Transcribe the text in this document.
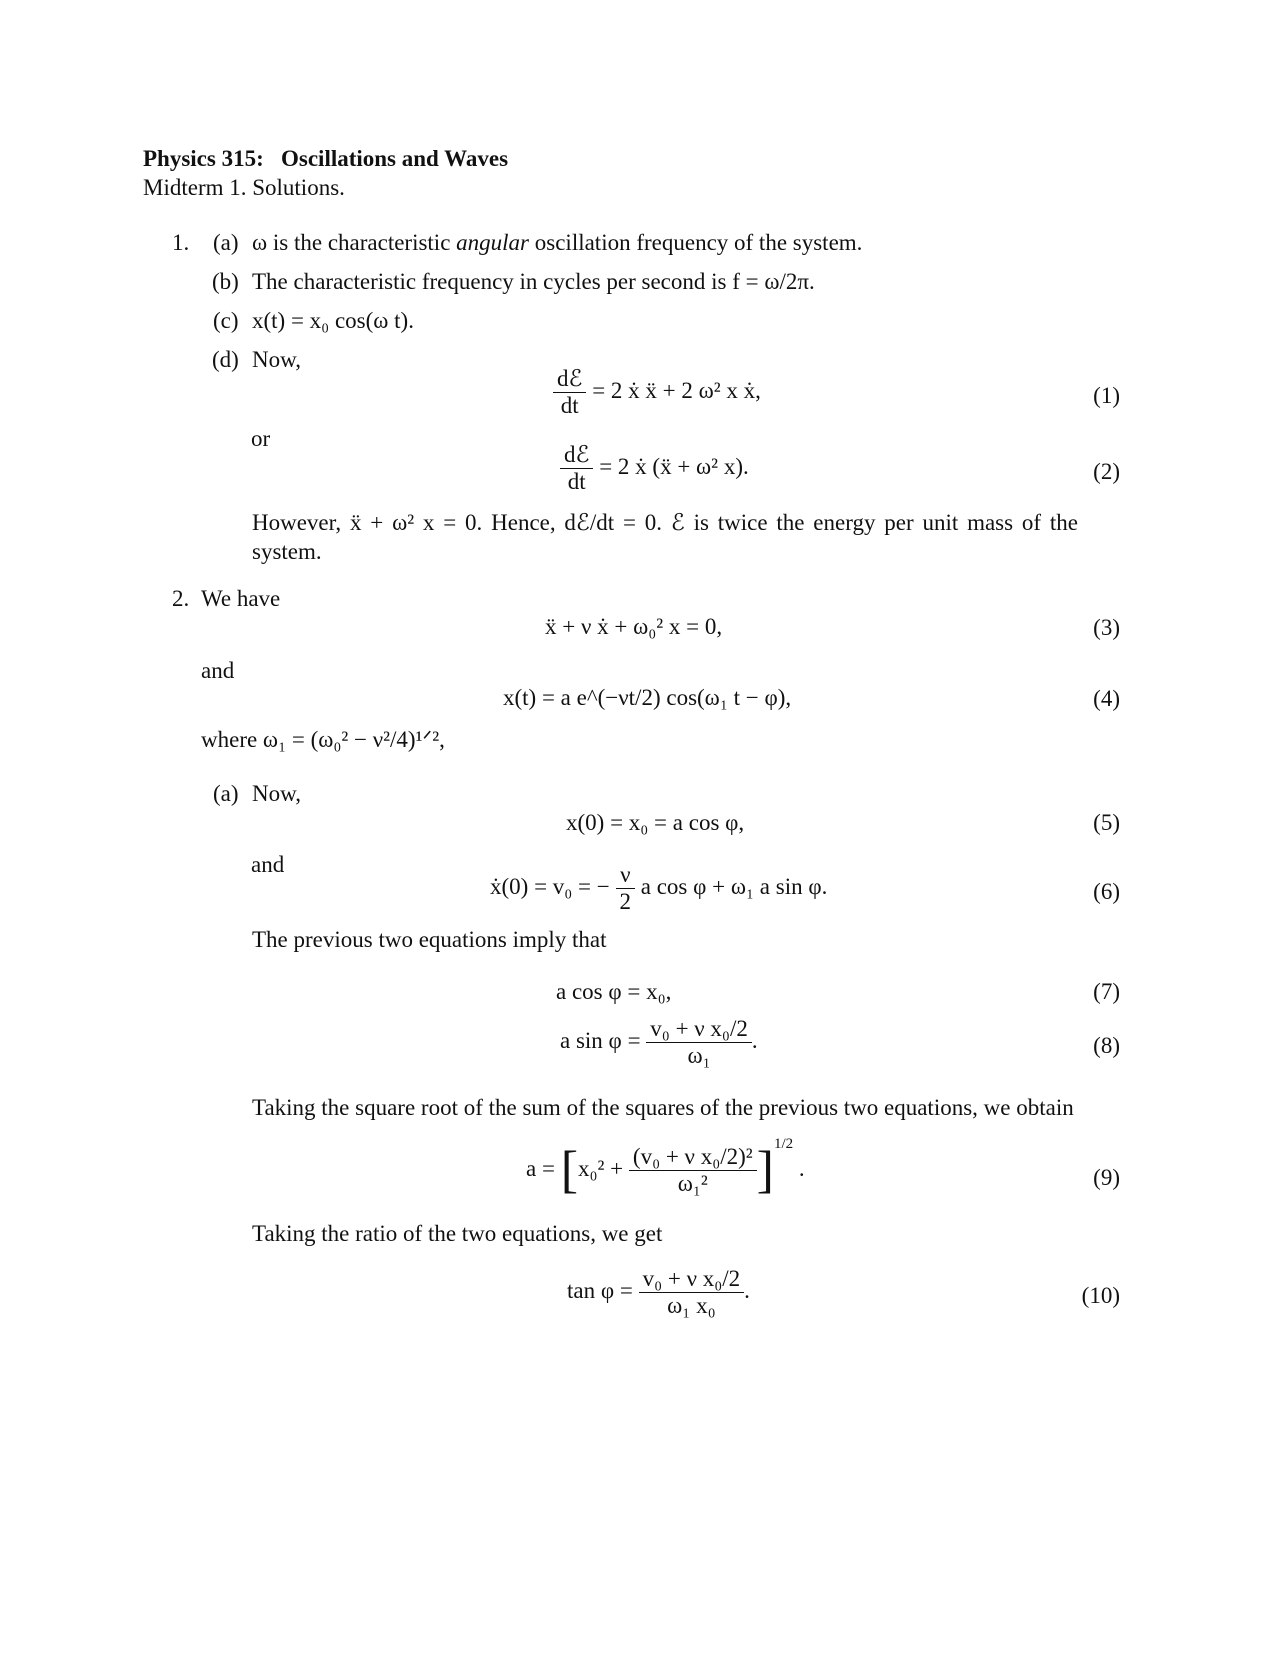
Physics 315: Oscillations and Waves
Midterm 1. Solutions.
1. (a) ω is the characteristic angular oscillation frequency of the system.
(b) The characteristic frequency in cycles per second is f = ω/2π.
(c) x(t) = x₀ cos(ω t).
(d) Now,
$\frac{\text{dℰ}}{dt} = 2$ ẋ ẍ + 2 ω² x ẋ,	(1)
or
$\frac{\text{dℰ}}{dt} = 2$ ẋ (ẍ + ω² x).	(2)
However, ẍ + ω² x = 0. Hence, dℰ/dt = 0. ℰ is twice the energy per unit mass of the system.
2. We have
ẍ + ν ẋ + ω₀² x = 0,	(3)
and
x(t) = a e^(−νt/2) cos(ω₁ t − φ),	(4)
where ω₁ = (ω₀² − ν²/4)¹ᐟ²,
(a) Now,
x(0) = x₀ = a cos φ,	(5)
and
ẋ(0) = v₀ = − $\frac{\nu}{2}$ a cos φ + ω₁ a sin φ.	(6)
The previous two equations imply that
a cos φ = x₀,	(7)
a $\sin \varphi = \frac{\text{v₀ + ν x₀/2}}{\text{ω₁}}$ .	(8)
Taking the square root of the sum of the squares of the previous two equations, we obtain
$a = [x_0^2 + \frac{\text{(v₀ + ν x₀/2)²}}{\text{ω₁²}} ]^{1/2}$ .	(9)
Taking the ratio of the two equations, we get
$\tan \varphi = \frac{\text{v₀ + ν x₀/2}}{\text{ω₁ x₀}}$ .	(10)
